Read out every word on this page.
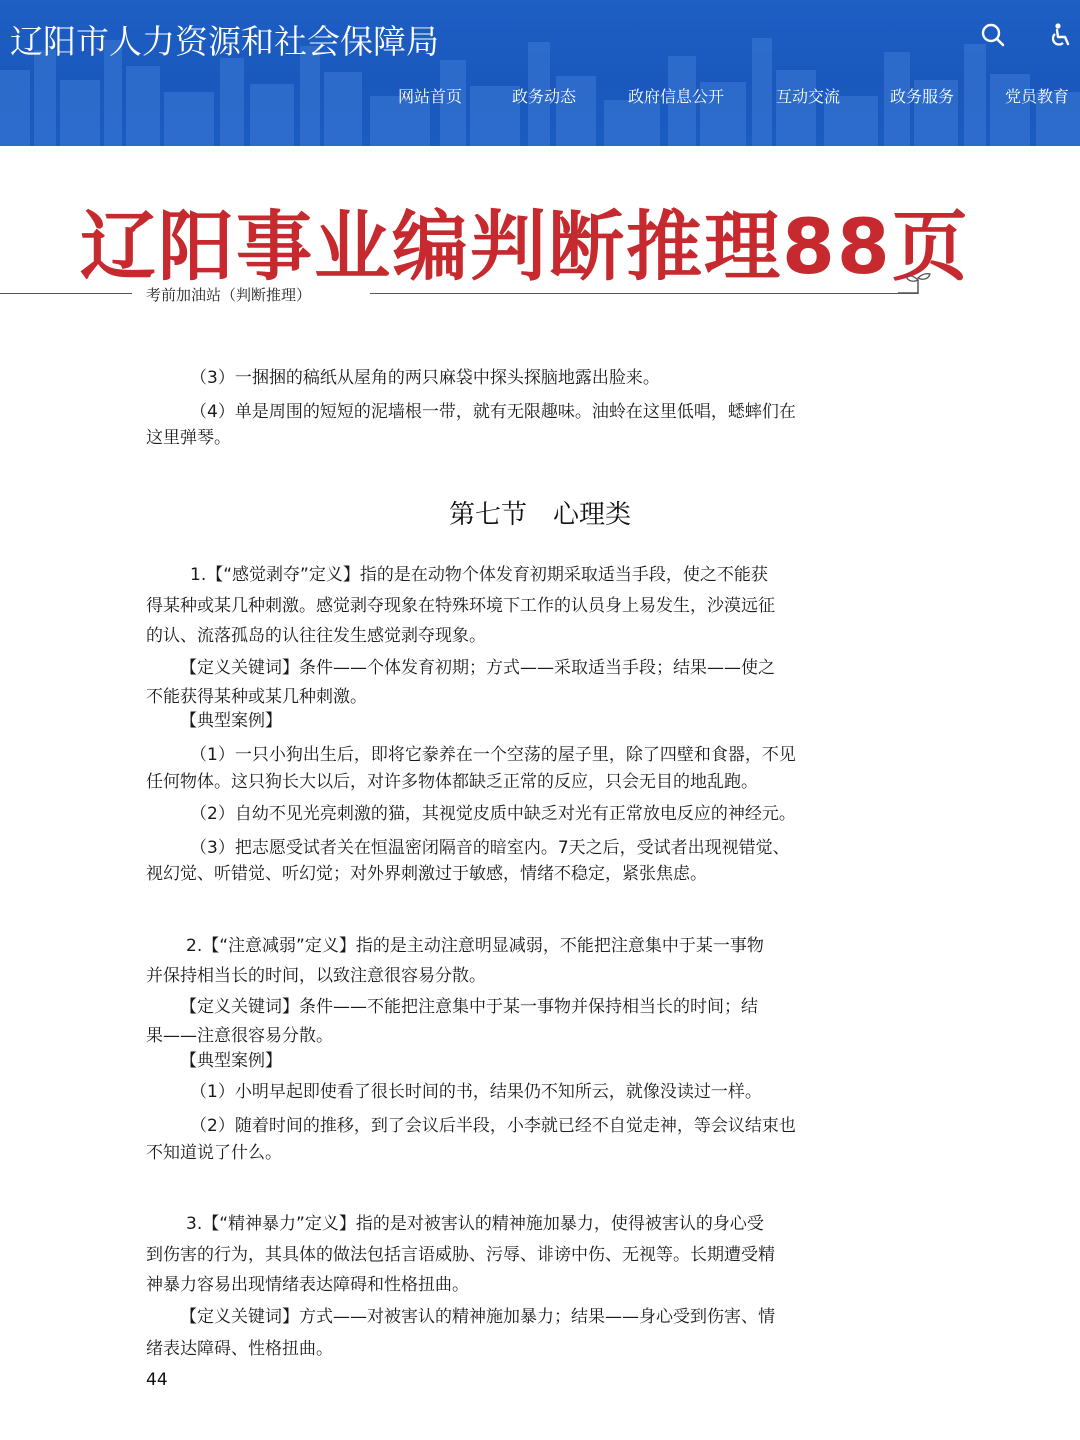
辽阳市人力资源和社会保障局
网站首页	政务动态	政府信息公开	互动交流	政务服务	党员教育
辽阳事业编判断推理88页
考前加油站（判断推理）
（3）一捆捆的稿纸从屋角的两只麻袋中探头探脑地露出脸来。
（4）单是周围的短短的泥墙根一带，就有无限趣味。油蛉在这里低唱，蟋蟀们在
这里弹琴。
第七节　心理类
1.【“感觉剥夺”定义】指的是在动物个体发育初期采取适当手段，使之不能获
得某种或某几种刺激。感觉剥夺现象在特殊环境下工作的认员身上易发生，沙漠远征
的认、流落孤岛的认往往发生感觉剥夺现象。
【定义关键词】条件——个体发育初期；方式——采取适当手段；结果——使之
不能获得某种或某几种刺激。
【典型案例】
（1）一只小狗出生后，即将它豢养在一个空荡的屋子里，除了四壁和食器，不见
任何物体。这只狗长大以后，对许多物体都缺乏正常的反应，只会无目的地乱跑。
（2）自幼不见光亮刺激的猫，其视觉皮质中缺乏对光有正常放电反应的神经元。
（3）把志愿受试者关在恒温密闭隔音的暗室内。7天之后，受试者出现视错觉、
视幻觉、听错觉、听幻觉；对外界刺激过于敏感，情绪不稳定，紧张焦虑。
2.【“注意减弱”定义】指的是主动注意明显减弱，不能把注意集中于某一事物
并保持相当长的时间，以致注意很容易分散。
【定义关键词】条件——不能把注意集中于某一事物并保持相当长的时间；结
果——注意很容易分散。
【典型案例】
（1）小明早起即使看了很长时间的书，结果仍不知所云，就像没读过一样。
（2）随着时间的推移，到了会议后半段，小李就已经不自觉走神，等会议结束也
不知道说了什么。
3.【“精神暴力”定义】指的是对被害认的精神施加暴力，使得被害认的身心受
到伤害的行为，其具体的做法包括言语威胁、污辱、诽谤中伤、无视等。长期遭受精
神暴力容易出现情绪表达障碍和性格扭曲。
【定义关键词】方式——对被害认的精神施加暴力；结果——身心受到伤害、情
绪表达障碍、性格扭曲。
44
